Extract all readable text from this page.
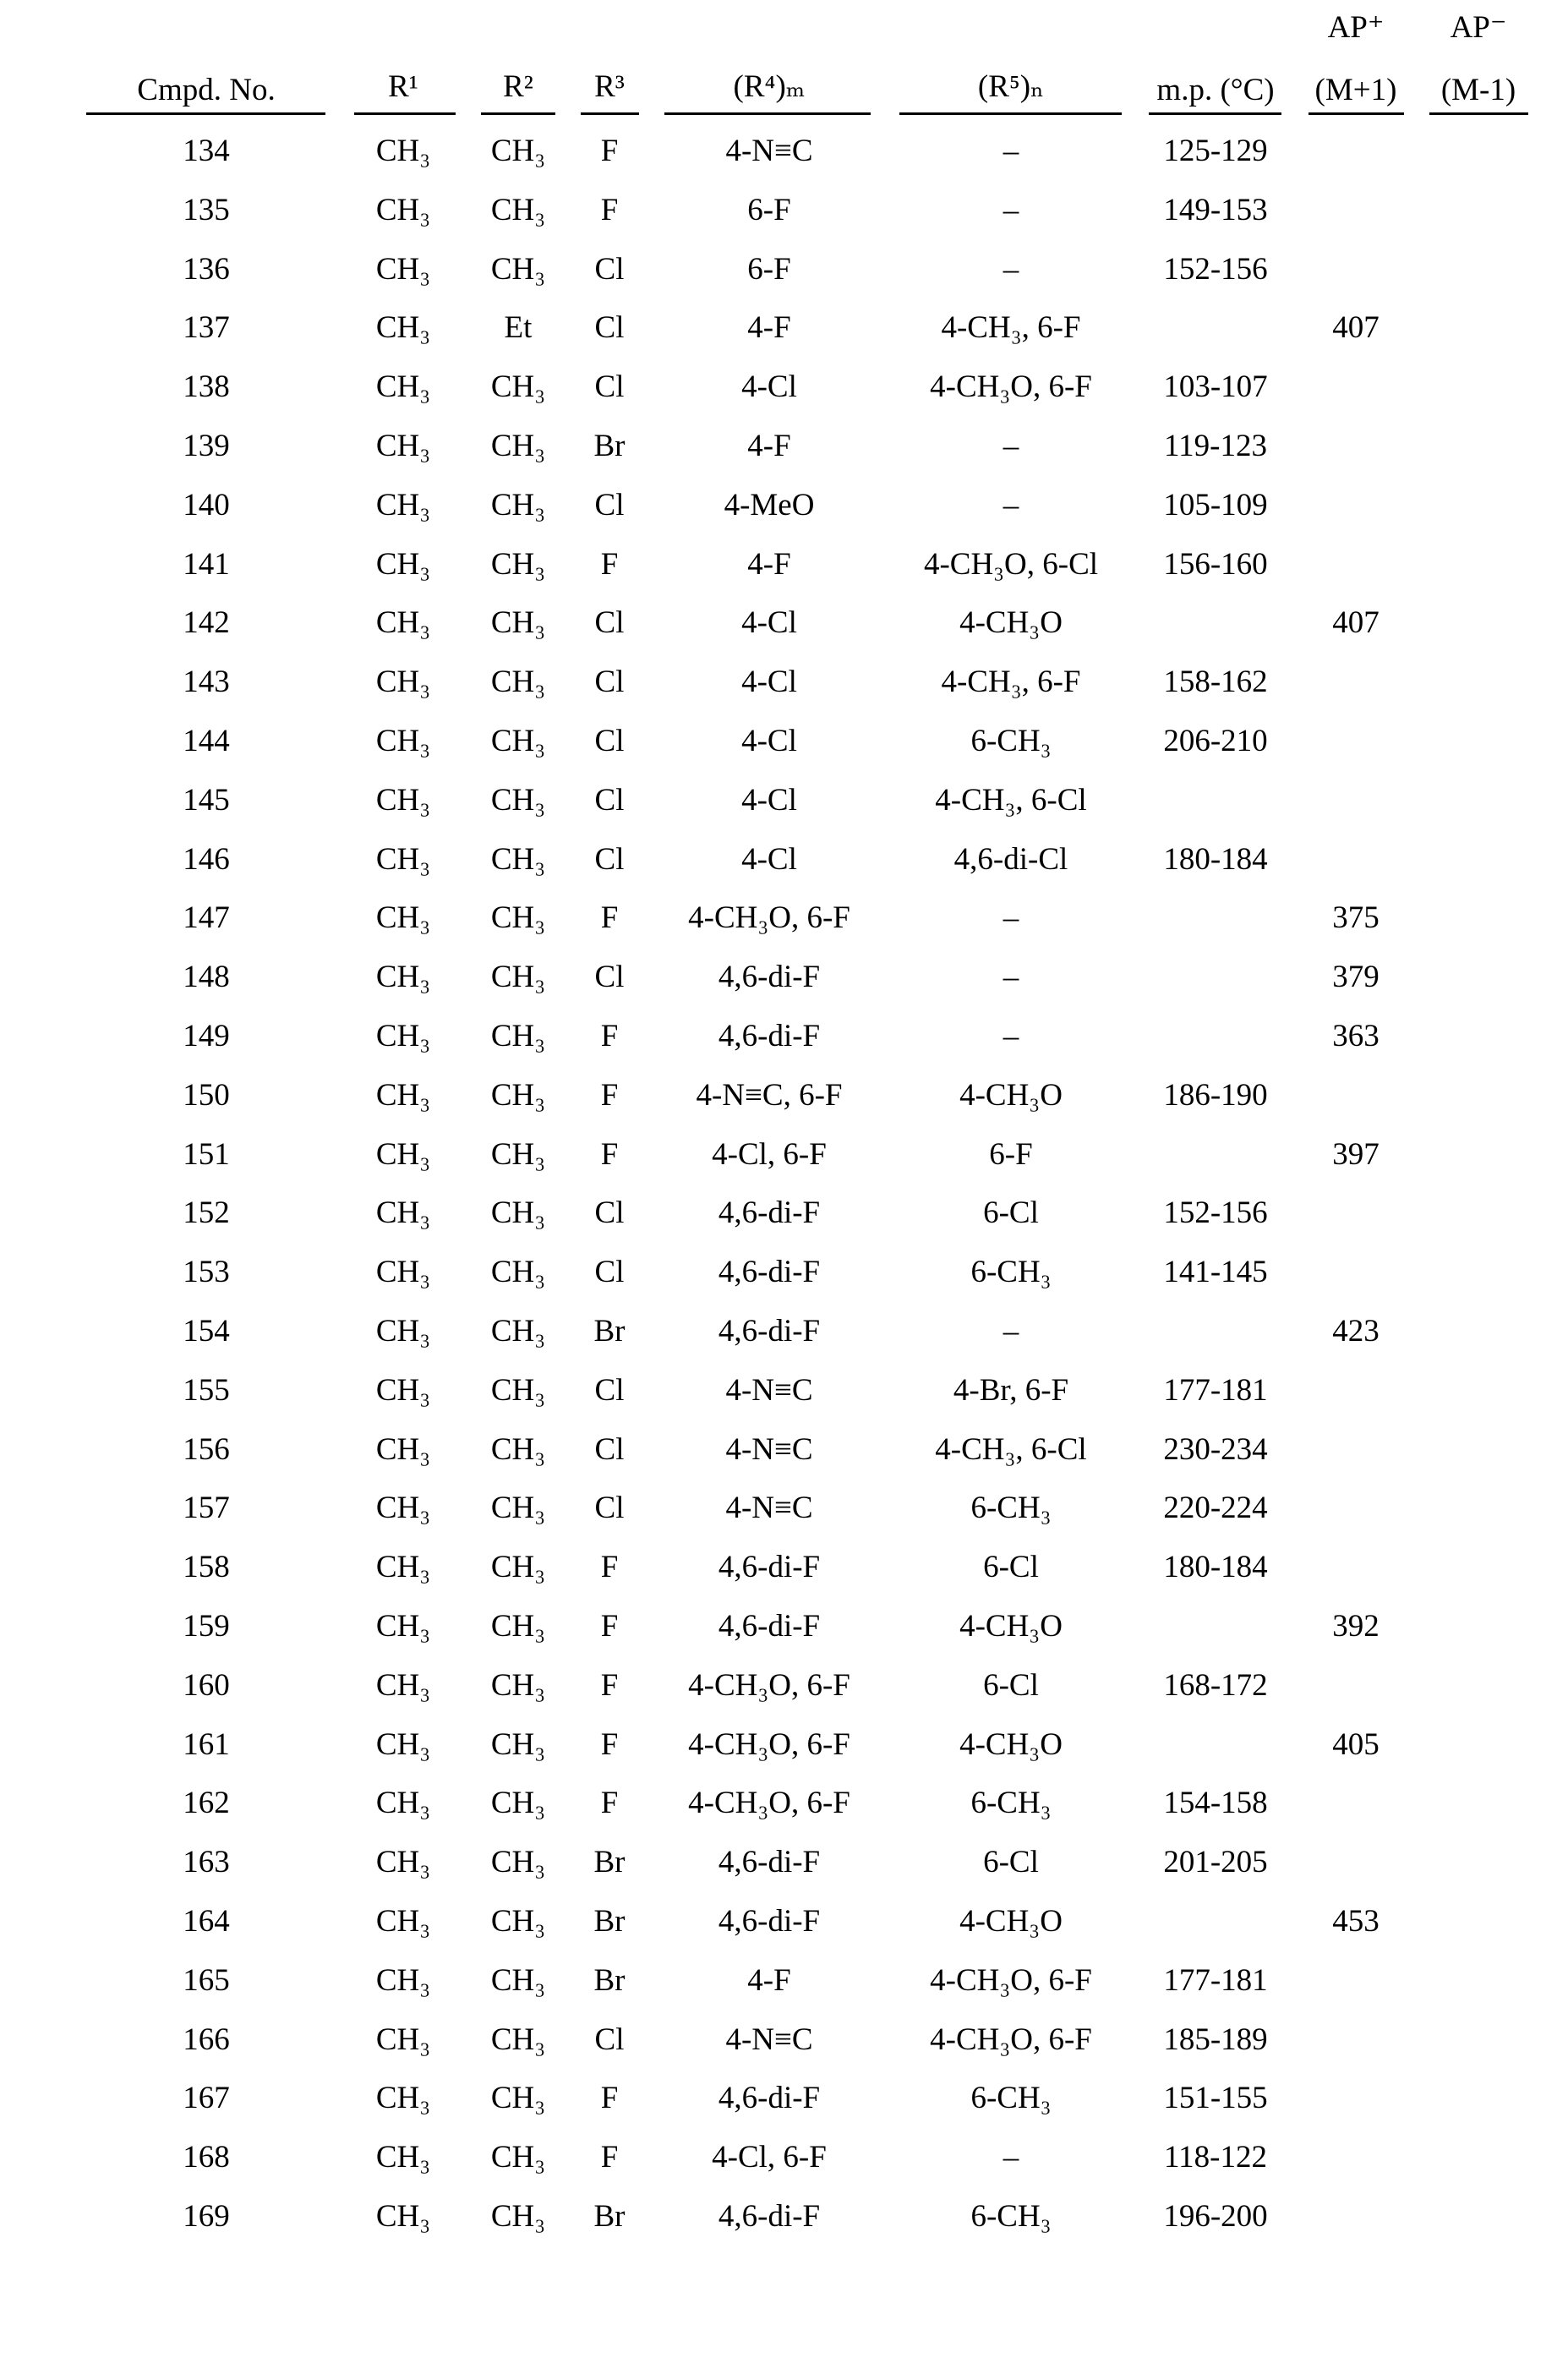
AP⁺ AP⁻
Cmpd. No.	R¹	R² R³	(R⁴)ₘ	(R⁵)ₙ	m.p. (°C) (M+1) (M-1)
134	CH₃ CH₃ F	4-N≡C	–	125-129
135	CH₃ CH₃ F	6-F	–	149-153
136	CH₃ CH₃ Cl	6-F	–	152-156
137	CH₃ Et Cl	4-F	4-CH₃, 6-F	407
138	CH₃ CH₃ Cl	4-Cl	4-CH₃O, 6-F 103-107
139	CH₃ CH₃ Br	4-F	–	119-123
140	CH₃ CH₃ Cl	4-MeO	–	105-109
141	CH₃ CH₃ F	4-F	4-CH₃O, 6-Cl 156-160
142	CH₃ CH₃ Cl	4-Cl	4-CH₃O	407
143	CH₃ CH₃ Cl	4-Cl	4-CH₃, 6-F	158-162
144	CH₃ CH₃ Cl	4-Cl	6-CH₃	206-210
145	CH₃ CH₃ Cl	4-Cl	4-CH₃, 6-Cl
146	CH₃ CH₃ Cl	4-Cl	4,6-di-Cl	180-184
147	CH₃ CH₃ F 4-CH₃O, 6-F	–	375
148	CH₃ CH₃ Cl	4,6-di-F	–	379
149	CH₃ CH₃ F	4,6-di-F	–	363
150	CH₃ CH₃ F 4-N≡C, 6-F	4-CH₃O	186-190
151	CH₃ CH₃ F	4-Cl, 6-F	6-F	397
152	CH₃ CH₃ Cl	4,6-di-F	6-Cl	152-156
153	CH₃ CH₃ Cl	4,6-di-F	6-CH₃	141-145
154	CH₃ CH₃ Br	4,6-di-F	–	423
155	CH₃ CH₃ Cl	4-N≡C	4-Br, 6-F	177-181
156	CH₃ CH₃ Cl	4-N≡C	4-CH₃, 6-Cl 230-234
157	CH₃ CH₃ Cl	4-N≡C	6-CH₃	220-224
158	CH₃ CH₃ F	4,6-di-F	6-Cl	180-184
159	CH₃ CH₃ F	4,6-di-F	4-CH₃O	392
160	CH₃ CH₃ F 4-CH₃O, 6-F	6-Cl	168-172
161	CH₃ CH₃ F 4-CH₃O, 6-F	4-CH₃O	405
162	CH₃ CH₃ F 4-CH₃O, 6-F	6-CH₃	154-158
163	CH₃ CH₃ Br	4,6-di-F	6-Cl	201-205
164	CH₃ CH₃ Br	4,6-di-F	4-CH₃O	453
165	CH₃ CH₃ Br	4-F	4-CH₃O, 6-F 177-181
166	CH₃ CH₃ Cl	4-N≡C	4-CH₃O, 6-F 185-189
167	CH₃ CH₃ F	4,6-di-F	6-CH₃	151-155
168	CH₃ CH₃ F	4-Cl, 6-F	–	118-122
169	CH₃ CH₃ Br	4,6-di-F	6-CH₃	196-200
